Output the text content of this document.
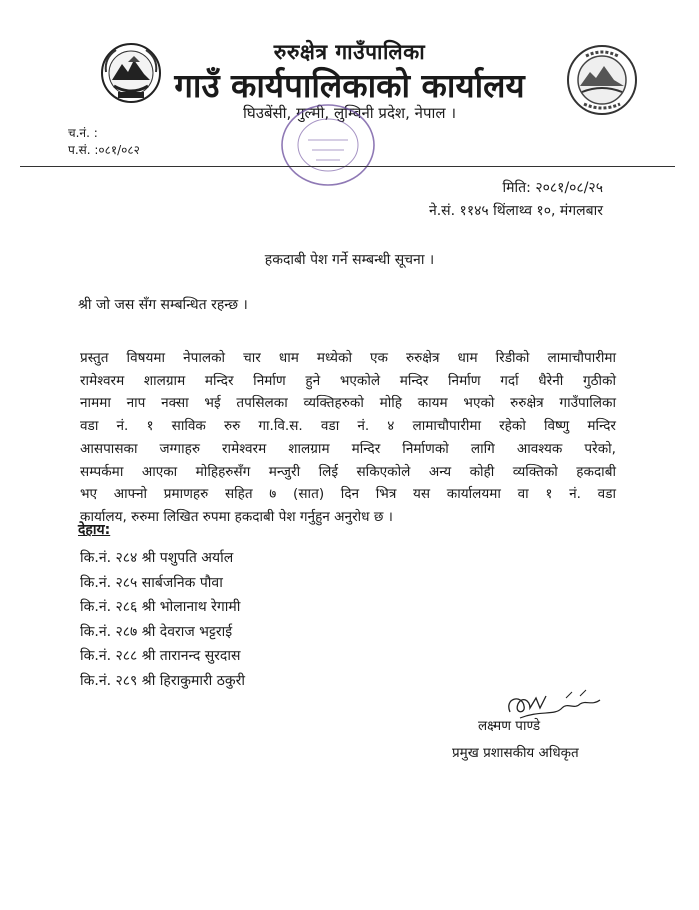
रुरुक्षेत्र गाउँपालिका
गाउँ कार्यपालिकाको कार्यालय
घिउबेंसी, गुल्मी, लुम्बिनी प्रदेश, नेपाल ।
च.नं. :
प.सं. :०८१/०८२
मिति: २०८१/०८/२५
ने.सं. ११४५ थिंलाथ्व १०, मंगलबार
हकदाबी पेश गर्ने सम्बन्धी सूचना ।
श्री जो जस सँग सम्बन्धित रहन्छ ।
प्रस्तुत विषयमा नेपालको चार धाम मध्येको एक रुरुक्षेत्र धाम रिडीको लामाचौपारीमा
रामेश्वरम शालग्राम मन्दिर निर्माण हुने भएकोले मन्दिर निर्माण गर्दा धैरेनी गुठीको
नाममा नाप नक्सा भई तपसिलका व्यक्तिहरुको मोहि कायम भएको रुरुक्षेत्र गाउँपालिका
वडा नं. १ साविक रुरु गा.वि.स. वडा नं. ४ लामाचौपारीमा रहेको विष्णु मन्दिर
आसपासका जग्गाहरु रामेश्वरम शालग्राम मन्दिर निर्माणको लागि आवश्यक परेको,
सम्पर्कमा आएका मोहिहरुसँग मन्जुरी लिई सकिएकोले अन्य कोही व्यक्तिको हकदाबी
भए आफ्नो प्रमाणहरु सहित ७ (सात) दिन भित्र यस कार्यालयमा वा १ नं. वडा
कार्यालय, रुरुमा लिखित रुपमा हकदाबी पेश गर्नुहुन अनुरोध छ ।
देहाय:
कि.नं. २८४ श्री पशुपति अर्याल
कि.नं. २८५ सार्बजनिक पौवा
कि.नं. २८६ श्री भोलानाथ रेगामी
कि.नं. २८७ श्री देवराज भट्टराई
कि.नं. २८८ श्री तारानन्द सुरदास
कि.नं. २८९ श्री हिराकुमारी ठकुरी
लक्ष्मण पाण्डे
प्रमुख प्रशासकीय अधिकृत
